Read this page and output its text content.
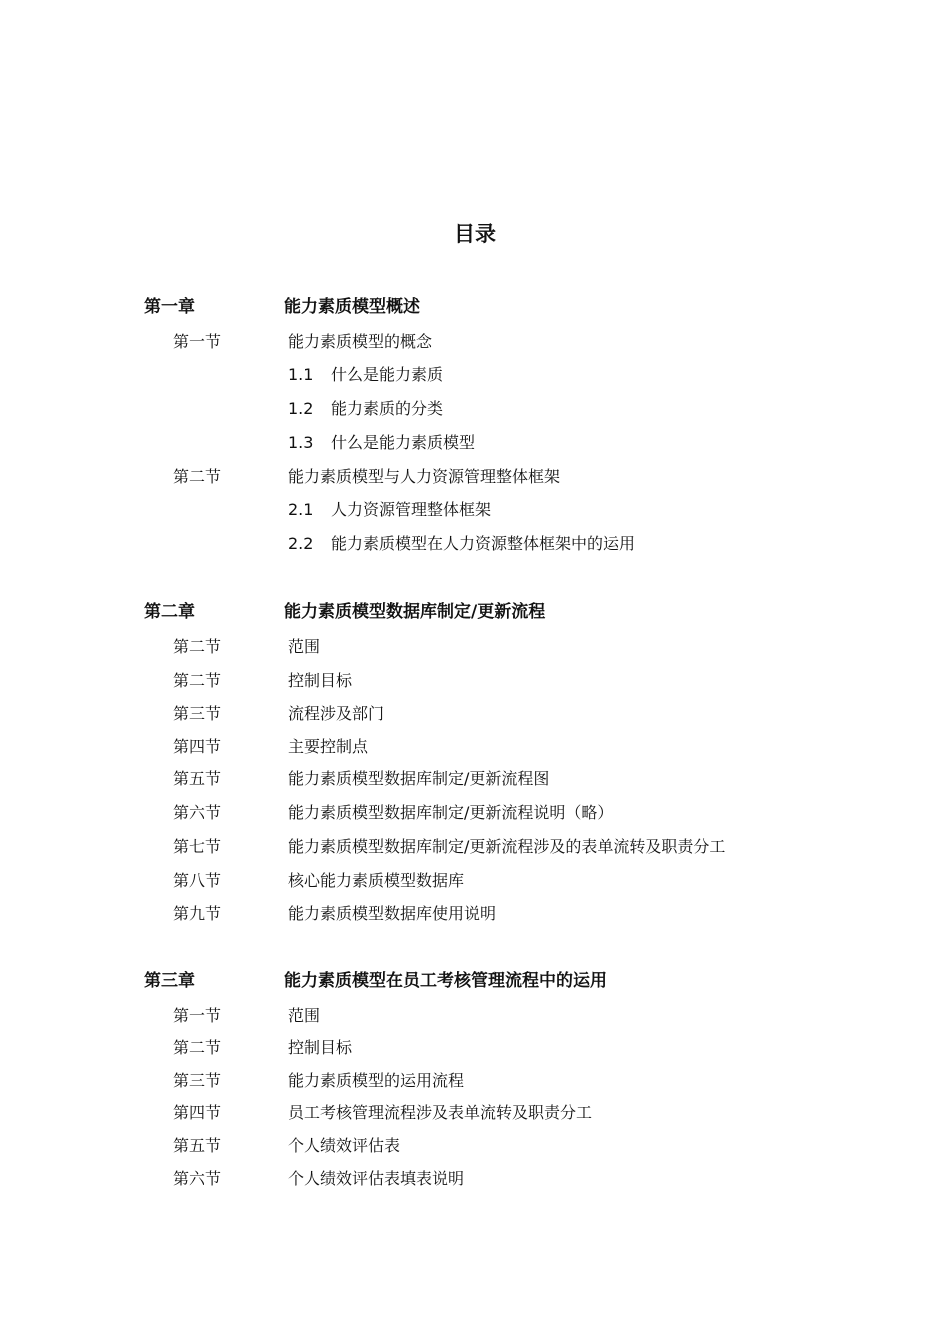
目录
第一章	能力素质模型概述
第一节	能力素质模型的概念
1.1 什么是能力素质
1.2 能力素质的分类
1.3 什么是能力素质模型
第二节	能力素质模型与人力资源管理整体框架
2.1 人力资源管理整体框架
2.2 能力素质模型在人力资源整体框架中的运用
第二章	能力素质模型数据库制定/更新流程
第二节	范围
第二节	控制目标
第三节	流程涉及部门
第四节	主要控制点
第五节	能力素质模型数据库制定/更新流程图
第六节	能力素质模型数据库制定/更新流程说明（略）
第七节	能力素质模型数据库制定/更新流程涉及的表单流转及职责分工
第八节	核心能力素质模型数据库
第九节	能力素质模型数据库使用说明
第三章	能力素质模型在员工考核管理流程中的运用
第一节	范围
第二节	控制目标
第三节	能力素质模型的运用流程
第四节	员工考核管理流程涉及表单流转及职责分工
第五节	个人绩效评估表
第六节	个人绩效评估表填表说明
